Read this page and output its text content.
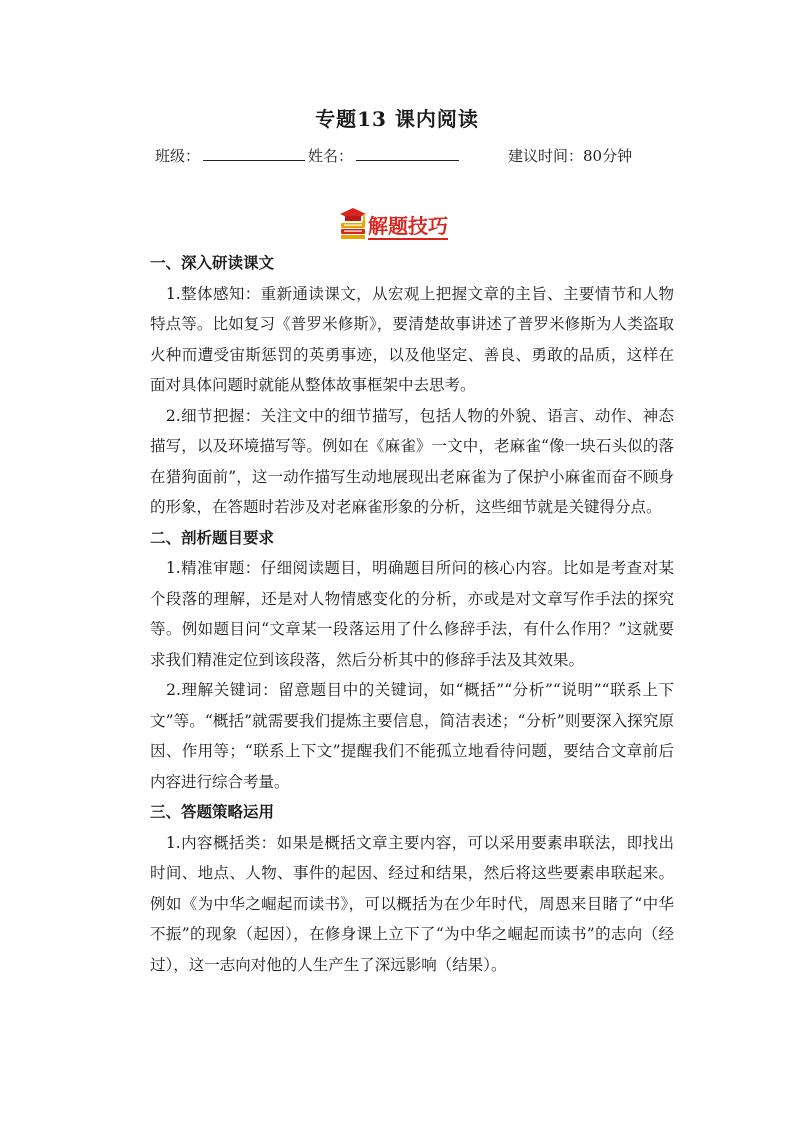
专题13 课内阅读
班级：	姓名：	建议时间：80分钟
解题技巧
一、深入研读课文

　1.整体感知：重新通读课文，从宏观上把握文章的主旨、主要情节和人物特点等。比如复习《普罗米修斯》，要清楚故事讲述了普罗米修斯为人类盗取火种而遭受宙斯惩罚的英勇事迹，以及他坚定、善良、勇敢的品质，这样在面对具体问题时就能从整体故事框架中去思考。

　2.细节把握：关注文中的细节描写，包括人物的外貌、语言、动作、神态描写，以及环境描写等。例如在《麻雀》一文中，老麻雀“像一块石头似的落在猎狗面前”，这一动作描写生动地展现出老麻雀为了保护小麻雀而奋不顾身的形象，在答题时若涉及对老麻雀形象的分析，这些细节就是关键得分点。

二、剖析题目要求

　1.精准审题：仔细阅读题目，明确题目所问的核心内容。比如是考查对某个段落的理解，还是对人物情感变化的分析，亦或是对文章写作手法的探究等。例如题目问“文章某一段落运用了什么修辞手法，有什么作用？”这就要求我们精准定位到该段落，然后分析其中的修辞手法及其效果。

　2.理解关键词：留意题目中的关键词，如“概括”“分析”“说明”“联系上下文”等。“概括”就需要我们提炼主要信息，简洁表述；“分析”则要深入探究原因、作用等；“联系上下文”提醒我们不能孤立地看待问题，要结合文章前后内容进行综合考量。

三、答题策略运用

　1.内容概括类：如果是概括文章主要内容，可以采用要素串联法，即找出时间、地点、人物、事件的起因、经过和结果，然后将这些要素串联起来。例如《为中华之崛起而读书》，可以概括为在少年时代，周恩来目睹了“中华不振”的现象（起因），在修身课上立下了“为中华之崛起而读书”的志向（经过），这一志向对他的人生产生了深远影响（结果）。
